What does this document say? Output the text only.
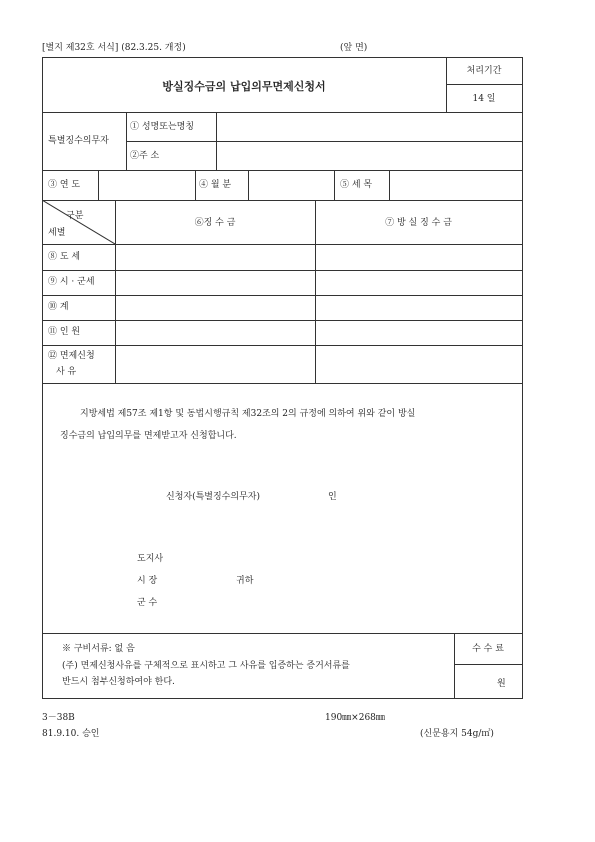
[별지 제32호 서식] (82.3.25. 개정)	(앞 면)
방실징수금의 납입의무면제신청서
처리기간
14 일
특별징수의무자
① 성명또는명칭
②주 소
③ 연 도	④ 월 분	⑤ 세 목
구분
세별
⑥징 수 금	⑦ 방 실 징 수 금
⑧ 도 세
⑨ 시 · 군세
⑩ 계
⑪ 인 원
⑫ 면제신청
사 유
지방세법 제57조 제1항 및 동법시행규칙 제32조의 2의 규정에 의하여 위와 같이 방실
징수금의 납입의무를 면제받고자 신청합니다.
신청자(특별징수의무자)	인
도지사
시 장	귀하
군 수
※ 구비서류: 없 음
(주) 면제신청사유를 구체적으로 표시하고 그 사유를 입증하는 증거서류를
반드시 첨부신청하여야 한다.
수 수 료
원
3－38B
81.9.10. 승인
190㎜×268㎜
(신문용지 54g/㎡)
